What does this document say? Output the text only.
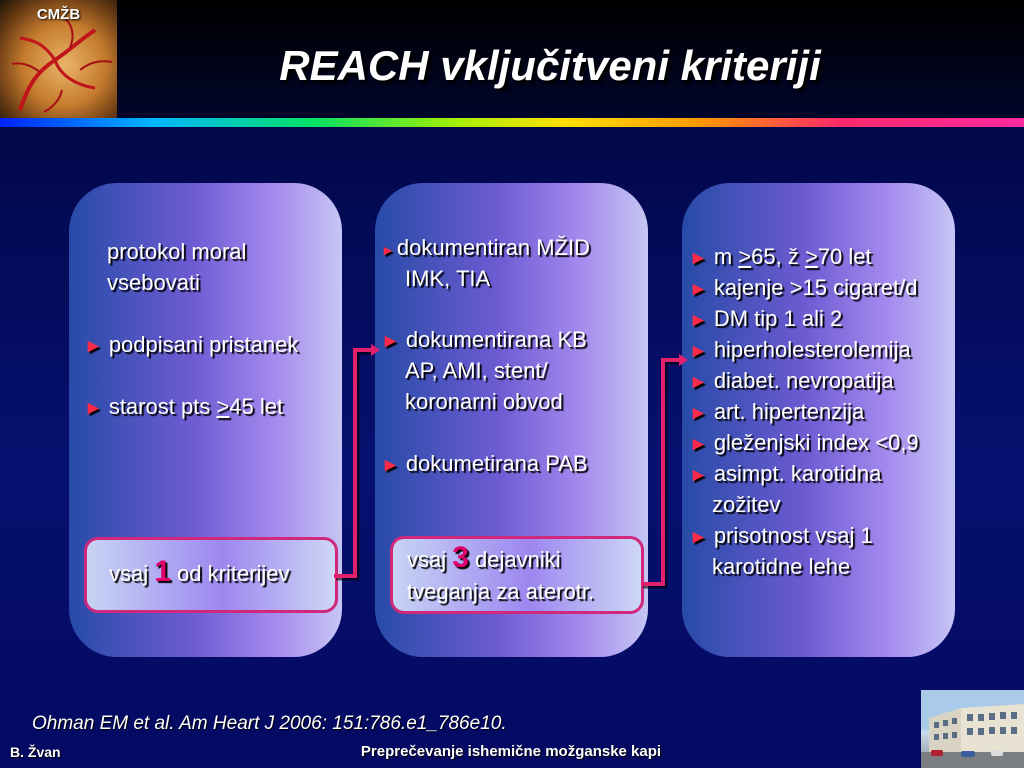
CMŽB
REACH vključitveni kriteriji
protokol moral
vsebovati
► podpisani pristanek
► starost pts >45 let
vsaj 1 od kriterijev
►dokumentiran MŽID
IMK, TIA
► dokumentirana KB
AP, AMI, stent/
koronarni obvod
► dokumetirana PAB
vsaj 3 dejavniki
tveganja za aterotr.
► m >65, ž >70 let
► kajenje >15 cigaret/d
► DM tip 1 ali 2
► hiperholesterolemija
► diabet. nevropatija
► art. hipertenzija
► gleženjski index <0,9
► asimpt. karotidna
zožitev
► prisotnost vsaj 1
karotidne lehe
Ohman EM et al. Am Heart J 2006: 151:786.e1_786e10.
B. Žvan	Preprečevanje ishemične možganske kapi
